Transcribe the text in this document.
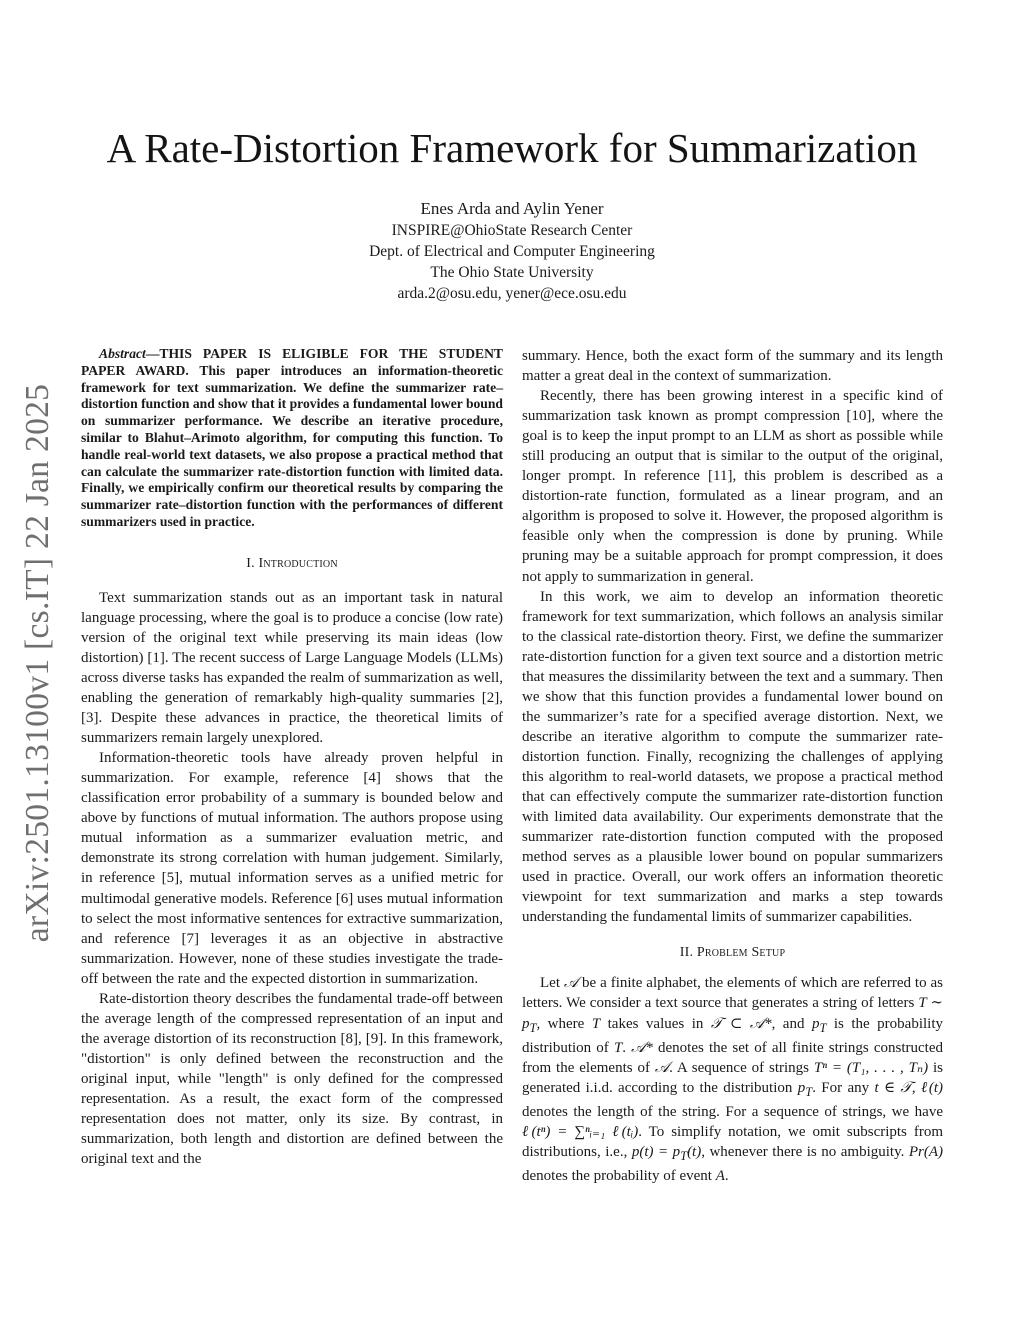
arXiv:2501.13100v1 [cs.IT] 22 Jan 2025
A Rate-Distortion Framework for Summarization
Enes Arda and Aylin Yener
INSPIRE@OhioState Research Center
Dept. of Electrical and Computer Engineering
The Ohio State University
arda.2@osu.edu, yener@ece.osu.edu

Abstract—THIS PAPER IS ELIGIBLE FOR THE STUDENT PAPER AWARD. This paper introduces an information-theoretic framework for text summarization. We define the summarizer rate–distortion function and show that it provides a fundamental lower bound on summarizer performance. We describe an iterative procedure, similar to Blahut–Arimoto algorithm, for computing this function. To handle real-world text datasets, we also propose a practical method that can calculate the summarizer rate-distortion function with limited data. Finally, we empirically confirm our theoretical results by comparing the summarizer rate–distortion function with the performances of different summarizers used in practice.

I. Introduction

Text summarization stands out as an important task in natural language processing, where the goal is to produce a concise (low rate) version of the original text while preserving its main ideas (low distortion) [1]. The recent success of Large Language Models (LLMs) across diverse tasks has expanded the realm of summarization as well, enabling the generation of remarkably high-quality summaries [2], [3]. Despite these advances in practice, the theoretical limits of summarizers remain largely unexplored.

Information-theoretic tools have already proven helpful in summarization. For example, reference [4] shows that the classification error probability of a summary is bounded below and above by functions of mutual information. The authors propose using mutual information as a summarizer evaluation metric, and demonstrate its strong correlation with human judgement. Similarly, in reference [5], mutual information serves as a unified metric for multimodal generative models. Reference [6] uses mutual information to select the most informative sentences for extractive summarization, and reference [7] leverages it as an objective in abstractive summarization. However, none of these studies investigate the trade-off between the rate and the expected distortion in summarization.

Rate-distortion theory describes the fundamental trade-off between the average length of the compressed representation of an input and the average distortion of its reconstruction [8], [9]. In this framework, "distortion" is only defined between the reconstruction and the original input, while "length" is only defined for the compressed representation. As a result, the exact form of the compressed representation does not matter, only its size. By contrast, in summarization, both length and distortion are defined between the original text and the

summary. Hence, both the exact form of the summary and its length matter a great deal in the context of summarization.

Recently, there has been growing interest in a specific kind of summarization task known as prompt compression [10], where the goal is to keep the input prompt to an LLM as short as possible while still producing an output that is similar to the output of the original, longer prompt. In reference [11], this problem is described as a distortion-rate function, formulated as a linear program, and an algorithm is proposed to solve it. However, the proposed algorithm is feasible only when the compression is done by pruning. While pruning may be a suitable approach for prompt compression, it does not apply to summarization in general.

In this work, we aim to develop an information theoretic framework for text summarization, which follows an analysis similar to the classical rate-distortion theory. First, we define the summarizer rate-distortion function for a given text source and a distortion metric that measures the dissimilarity between the text and a summary. Then we show that this function provides a fundamental lower bound on the summarizer’s rate for a specified average distortion. Next, we describe an iterative algorithm to compute the summarizer rate-distortion function. Finally, recognizing the challenges of applying this algorithm to real-world datasets, we propose a practical method that can effectively compute the summarizer rate-distortion function with limited data availability. Our experiments demonstrate that the summarizer rate-distortion function computed with the proposed method serves as a plausible lower bound on popular summarizers used in practice. Overall, our work offers an information theoretic viewpoint for text summarization and marks a step towards understanding the fundamental limits of summarizer capabilities.

II. Problem Setup

Let 𝒜 be a finite alphabet, the elements of which are referred to as letters. We consider a text source that generates a string of letters T ∼ $p_T$, where T takes values in 𝒯 ⊂ 𝒜*, and $p_T$ is the probability distribution of T. 𝒜* denotes the set of all finite strings constructed from the elements of 𝒜. A sequence of strings Tⁿ = (T₁, . . . , Tₙ) is generated i.i.d. according to the distribution $p_T$. For any t ∈ 𝒯, ℓ(t) denotes the length of the string. For a sequence of strings, we have ℓ(tⁿ) = ∑ⁿᵢ₌₁ ℓ(tᵢ). To simplify notation, we omit subscripts from distributions, i.e., $p(t) = p_T(t)$, whenever there is no ambiguity. Pr(A) denotes the probability of event A.
